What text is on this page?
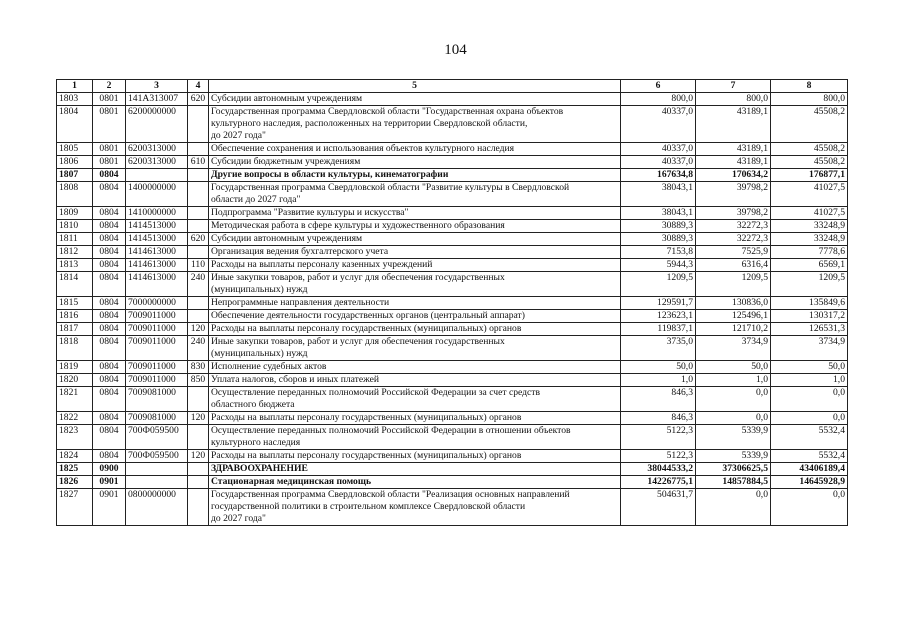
104
1	2	3	4	5	6	7	8
1803	0801	141A313007	620	Субсидии автономным учреждениям	800,0	800,0	800,0
1804	0801	6200000000		Государственная программа Свердловской области "Государственная охрана объектов
культурного наследия, расположенных на территории Свердловской области,
до 2027 года"	40337,0	43189,1	45508,2
1805	0801	6200313000		Обеспечение сохранения и использования объектов культурного наследия	40337,0	43189,1	45508,2
1806	0801	6200313000	610	Субсидии бюджетным учреждениям	40337,0	43189,1	45508,2
1807	0804			Другие вопросы в области культуры, кинематографии	167634,8	170634,2	176877,1
1808	0804	1400000000		Государственная программа Свердловской области "Развитие культуры в Свердловской
области до 2027 года"	38043,1	39798,2	41027,5
1809	0804	1410000000		Подпрограмма "Развитие культуры и искусства"	38043,1	39798,2	41027,5
1810	0804	1414513000		Методическая работа в сфере культуры и художественного образования	30889,3	32272,3	33248,9
1811	0804	1414513000	620	Субсидии автономным учреждениям	30889,3	32272,3	33248,9
1812	0804	1414613000		Организация ведения бухгалтерского учета	7153,8	7525,9	7778,6
1813	0804	1414613000	110	Расходы на выплаты персоналу казенных учреждений	5944,3	6316,4	6569,1
1814	0804	1414613000	240	Иные закупки товаров, работ и услуг для обеспечения государственных
(муниципальных) нужд	1209,5	1209,5	1209,5
1815	0804	7000000000		Непрограммные направления деятельности	129591,7	130836,0	135849,6
1816	0804	7009011000		Обеспечение деятельности государственных органов (центральный аппарат)	123623,1	125496,1	130317,2
1817	0804	7009011000	120	Расходы на выплаты персоналу государственных (муниципальных) органов	119837,1	121710,2	126531,3
1818	0804	7009011000	240	Иные закупки товаров, работ и услуг для обеспечения государственных
(муниципальных) нужд	3735,0	3734,9	3734,9
1819	0804	7009011000	830	Исполнение судебных актов	50,0	50,0	50,0
1820	0804	7009011000	850	Уплата налогов, сборов и иных платежей	1,0	1,0	1,0
1821	0804	7009081000		Осуществление переданных полномочий Российской Федерации за счет средств
областного бюджета	846,3	0,0	0,0
1822	0804	7009081000	120	Расходы на выплаты персоналу государственных (муниципальных) органов	846,3	0,0	0,0
1823	0804	700Ф059500		Осуществление переданных полномочий Российской Федерации в отношении объектов
культурного наследия	5122,3	5339,9	5532,4
1824	0804	700Ф059500	120	Расходы на выплаты персоналу государственных (муниципальных) органов	5122,3	5339,9	5532,4
1825	0900			ЗДРАВООХРАНЕНИЕ	38044533,2	37306625,5	43406189,4
1826	0901			Стационарная медицинская помощь	14226775,1	14857884,5	14645928,9
1827	0901	0800000000		Государственная программа Свердловской области "Реализация основных направлений
государственной политики в строительном комплексе Свердловской области
до 2027 года"	504631,7	0,0	0,0
